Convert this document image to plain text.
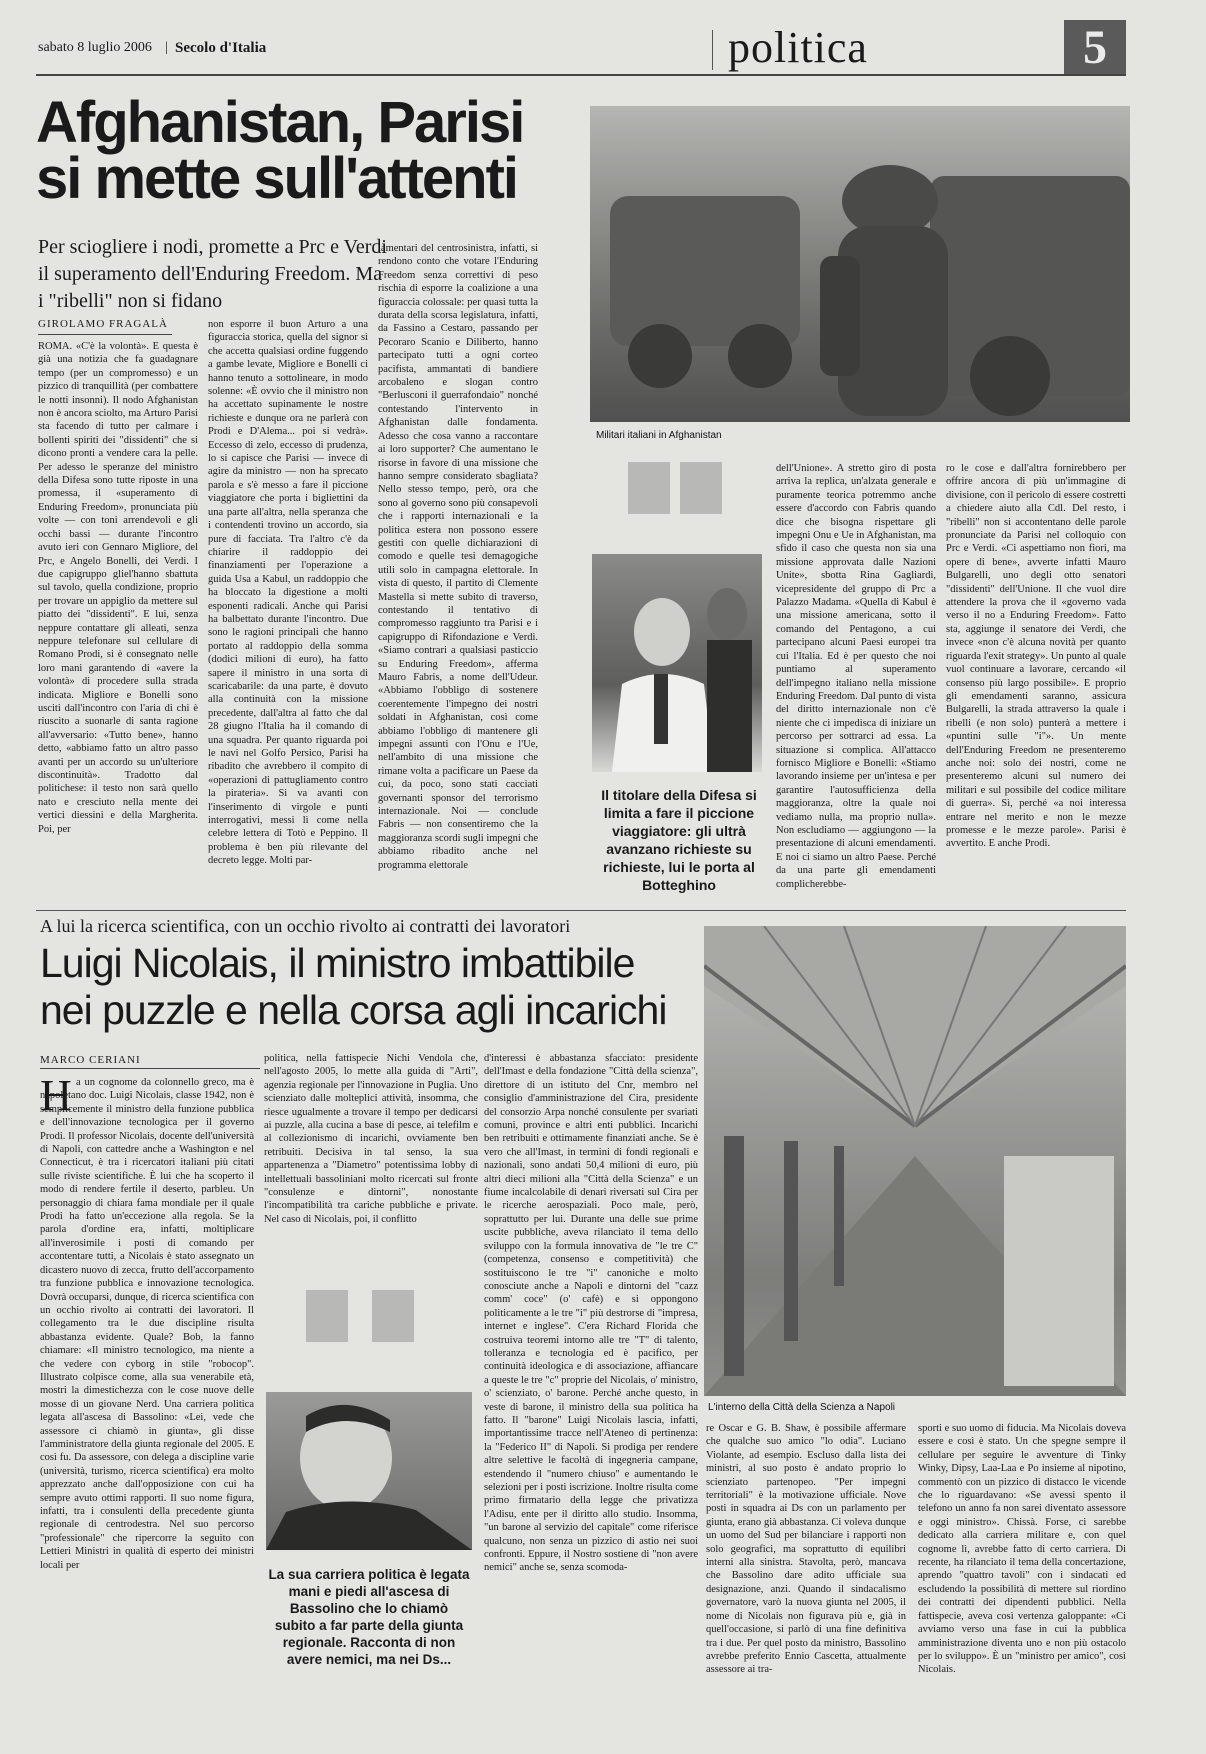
sabato 8 luglio 2006 | Secolo d'Italia	politica	5
Afghanistan, Parisi
si mette sull'attenti
Per sciogliere i nodi, promette a Prc e Verdi il superamento dell'Enduring Freedom. Ma i "ribelli" non si fidano
GIROLAMO FRAGALÀ
ROMA. «C'è la volontà». E questa è già una notizia che fa guadagnare tempo (per un compromesso) e un pizzico di tranquillità (per combattere le notti insonni). Il nodo Afghanistan non è ancora sciolto, ma Arturo Parisi sta facendo di tutto per calmare i bollenti spiriti dei "dissidenti" che si dicono pronti a vendere cara la pelle. Per adesso le speranze del ministro della Difesa sono tutte riposte in una promessa, il «superamento di Enduring Freedom», pronunciata più volte — con toni arrendevoli e gli occhi bassi — durante l'incontro avuto ieri con Gennaro Migliore, del Prc, e Angelo Bonelli, dei Verdi. I due capigruppo gliel'hanno sbattuta sul tavolo, quella condizione, proprio per trovare un appiglio da mettere sul piatto dei "dissidenti". E lui, senza neppure contattare gli alleati, senza neppure telefonare sul cellulare di Romano Prodi, si è consegnato nelle loro mani garantendo di «avere la volontà» di procedere sulla strada indicata. Migliore e Bonelli sono usciti dall'incontro con l'aria di chi è riuscito a suonarle di santa ragione all'avversario: «Tutto bene», hanno detto, «abbiamo fatto un altro passo avanti per un accordo su un'ulteriore discontinuità». Tradotto dal politichese: il testo non sarà quello nato e cresciuto nella mente dei vertici diessini e della Margherita. Poi, per
non esporre il buon Arturo a una figuraccia storica, quella del signor sì che accetta qualsiasi ordine fuggendo a gambe levate, Migliore e Bonelli ci hanno tenuto a sottolineare, in modo solenne: «È ovvio che il ministro non ha accettato supinamente le nostre richieste e dunque ora ne parlerà con Prodi e D'Alema... poi si vedrà». Eccesso di zelo, eccesso di prudenza, lo si capisce che Parisi — invece di agire da ministro — non ha sprecato parola e s'è messo a fare il piccione viaggiatore che porta i bigliettini da una parte all'altra, nella speranza che i contendenti trovino un accordo, sia pure di facciata. Tra l'altro c'è da chiarire il raddoppio dei finanziamenti per l'operazione a guida Usa a Kabul, un raddoppio che ha bloccato la digestione a molti esponenti radicali. Anche qui Parisi ha balbettato durante l'incontro. Due sono le ragioni principali che hanno portato al raddoppio della somma (dodici milioni di euro), ha fatto sapere il ministro in una sorta di scaricabarile: da una parte, è dovuto alla continuità con la missione precedente, dall'altra al fatto che dal 28 giugno l'Italia ha il comando di una squadra. Per quanto riguarda poi le navi nel Golfo Persico, Parisi ha ribadito che avrebbero il compito di «operazioni di pattugliamento contro la pirateria». Si va avanti con l'inserimento di virgole e punti interrogativi, messi lì come nella celebre lettera di Totò e Peppino. Il problema è ben più rilevante del decreto legge. Molti par-
lamentari del centrosinistra, infatti, si rendono conto che votare l'Enduring Freedom senza correttivi di peso rischia di esporre la coalizione a una figuraccia colossale: per quasi tutta la durata della scorsa legislatura, infatti, da Fassino a Cestaro, passando per Pecoraro Scanio e Diliberto, hanno partecipato tutti a ogni corteo pacifista, ammantati di bandiere arcobaleno e slogan contro "Berlusconi il guerrafondaio" nonché contestando l'intervento in Afghanistan dalle fondamenta. Adesso che cosa vanno a raccontare ai loro supporter? Che aumentano le risorse in favore di una missione che hanno sempre considerato sbagliata? Nello stesso tempo, però, ora che sono al governo sono più consapevoli che i rapporti internazionali e la politica estera non possono essere gestiti con quelle dichiarazioni di comodo e quelle tesi demagogiche utili solo in campagna elettorale. In vista di questo, il partito di Clemente Mastella si mette subito di traverso, contestando il tentativo di compromesso raggiunto tra Parisi e i capigruppo di Rifondazione e Verdi. «Siamo contrari a qualsiasi pasticcio su Enduring Freedom», afferma Mauro Fabris, a nome dell'Udeur. «Abbiamo l'obbligo di sostenere coerentemente l'impegno dei nostri soldati in Afghanistan, così come abbiamo l'obbligo di mantenere gli impegni assunti con l'Onu e l'Ue, nell'ambito di una missione che rimane volta a pacificare un Paese da cui, da poco, sono stati cacciati governanti sponsor del terrorismo internazionale. Noi — conclude Fabris — non consentiremo che la maggioranza scordi sugli impegni che abbiamo ribadito anche nel programma elettorale
Militari italiani in Afghanistan
Il titolare della Difesa si limita a fare il piccione viaggiatore: gli ultrà avanzano richieste su richieste, lui le porta al Botteghino
dell'Unione». A stretto giro di posta arriva la replica, un'alzata generale e puramente teorica potremmo anche essere d'accordo con Fabris quando dice che bisogna rispettare gli impegni Onu e Ue in Afghanistan, ma sfido il caso che questa non sia una missione approvata dalle Nazioni Unite», sbotta Rina Gagliardi, vicepresidente del gruppo di Prc a Palazzo Madama. «Quella di Kabul è una missione americana, sotto il comando del Pentagono, a cui partecipano alcuni Paesi europei tra cui l'Italia. Ed è per questo che noi puntiamo al superamento dell'impegno italiano nella missione Enduring Freedom. Dal punto di vista del diritto internazionale non c'è niente che ci impedisca di iniziare un percorso per sottrarci ad essa. La situazione si complica. All'attacco fornisco Migliore e Bonelli: «Stiamo lavorando insieme per un'intesa e per garantire l'autosufficienza della maggioranza, oltre la quale noi vediamo nulla, ma proprio nulla». Non escludiamo — aggiungono — la presentazione di alcuni emendamenti. E noi ci siamo un altro Paese. Perché da una parte gli emendamenti complicherebbe-
ro le cose e dall'altra fornirebbero per offrire ancora di più un'immagine di divisione, con il pericolo di essere costretti a chiedere aiuto alla Cdl. Del resto, i "ribelli" non si accontentano delle parole pronunciate da Parisi nel colloquio con Prc e Verdi. «Ci aspettiamo non fiori, ma opere di bene», avverte infatti Mauro Bulgarelli, uno degli otto senatori "dissidenti" dell'Unione. Il che vuol dire attendere la prova che il «governo vada verso il no a Enduring Freedom». Fatto sta, aggiunge il senatore dei Verdi, che invece «non c'è alcuna novità per quanto riguarda l'exit strategy». Un punto al quale vuol continuare a lavorare, cercando «il consenso più largo possibile». E proprio gli emendamenti saranno, assicura Bulgarelli, la strada attraverso la quale i ribelli (e non solo) punterà a mettere i «puntini sulle "i"». Un mente dell'Enduring Freedom ne presenteremo anche noi: solo dei nostri, come ne presenteremo alcuni sul numero dei militari e sul possibile del codice militare di guerra». Sì, perché «a noi interessa entrare nel merito e non le mezze promesse e le mezze parole». Parisi è avvertito. E anche Prodi.
A lui la ricerca scientifica, con un occhio rivolto ai contratti dei lavoratori
Luigi Nicolais, il ministro imbattibile
nei puzzle e nella corsa agli incarichi
MARCO CERIANI
H a un cognome da colonnello greco, ma è napoletano doc. Luigi Nicolais, classe 1942, non è semplicemente il ministro della funzione pubblica e dell'innovazione tecnologica per il governo Prodi. Il professor Nicolais, docente dell'università di Napoli, con cattedre anche a Washington e nel Connecticut, è tra i ricercatori italiani più citati sulle riviste scientifiche. È lui che ha scoperto il modo di rendere fertile il deserto, parbleu. Un personaggio di chiara fama mondiale per il quale Prodi ha fatto un'eccezione alla regola. Se la parola d'ordine era, infatti, moltiplicare all'inverosimile i posti di comando per accontentare tutti, a Nicolais è stato assegnato un dicastero nuovo di zecca, frutto dell'accorpamento tra funzione pubblica e innovazione tecnologica. Dovrà occuparsi, dunque, di ricerca scientifica con un occhio rivolto ai contratti dei lavoratori. Il collegamento tra le due discipline risulta abbastanza evidente. Quale? Bob, la fanno chiamare: «Il ministro tecnologico, ma niente a che vedere con cyborg in stile "robocop". Illustrato colpisce come, alla sua venerabile età, mostri la dimestichezza con le cose nuove delle mosse di un giovane Nerd. Una carriera politica legata all'ascesa di Bassolino: «Lei, vede che assessore ci chiamò in giunta», gli disse l'amministratore della giunta regionale del 2005. E così fu. Da assessore, con delega a discipline varie (università, turismo, ricerca scientifica) era molto apprezzato anche dall'opposizione con cui ha sempre avuto ottimi rapporti. Il suo nome figura, infatti, tra i consulenti della precedente giunta regionale di centrodestra. Nel suo percorso "professionale" che ripercorre la seguito con Lettieri Ministri in qualità di esperto dei ministri locali per
politica, nella fattispecie Nichi Vendola che, nell'agosto 2005, lo mette alla guida di "Arti", agenzia regionale per l'innovazione in Puglia. Uno scienziato dalle molteplici attività, insomma, che riesce ugualmente a trovare il tempo per dedicarsi ai puzzle, alla cucina a base di pesce, ai telefilm e al collezionismo di incarichi, ovviamente ben retribuiti. Decisiva in tal senso, la sua appartenenza a "Diametro" potentissima lobby di intellettuali bassoliniani molto ricercati sul fronte "consulenze e dintorni", nonostante l'incompatibilità tra cariche pubbliche e private. Nel caso di Nicolais, poi, il conflitto
La sua carriera politica è legata mani e piedi all'ascesa di Bassolino che lo chiamò subito a far parte della giunta regionale. Racconta di non avere nemici, ma nei Ds...
d'interessi è abbastanza sfacciato: presidente dell'Imast e della fondazione "Città della scienza", direttore di un istituto del Cnr, membro nel consiglio d'amministrazione del Cira, presidente del consorzio Arpa nonché consulente per svariati comuni, province e altri enti pubblici. Incarichi ben retribuiti e ottimamente finanziati anche. Se è vero che all'Imast, in termini di fondi regionali e nazionali, sono andati 50,4 milioni di euro, più altri dieci milioni alla "Città della Scienza" e un fiume incalcolabile di denari riversati sul Cira per le ricerche aerospaziali. Poco male, però, soprattutto per lui. Durante una delle sue prime uscite pubbliche, aveva rilanciato il tema dello sviluppo con la formula innovativa de "le tre C" (competenza, consenso e competitività) che sostituiscono le tre "i" canoniche e molto conosciute anche a Napoli e dintorni del "cazz comm' coce" (o' cafè) e si oppongono politicamente a le tre "i" più destrorse di "impresa, internet e inglese". C'era Richard Florida che costruiva teoremi intorno alle tre "T" di talento, tolleranza e tecnologia ed è pacifico, per continuità ideologica e di associazione, affiancare a queste le tre "c" proprie del Nicolais, o' ministro, o' scienziato, o' barone. Perché anche questo, in veste di barone, il ministro della sua politica ha fatto. Il "barone" Luigi Nicolais lascia, infatti, importantissime tracce nell'Ateneo di pertinenza: la "Federico II" di Napoli. Si prodiga per rendere altre selettive le facoltà di ingegneria campane, estendendo il "numero chiuso" e aumentando le selezioni per i posti iscrizione. Inoltre risulta come primo firmatario della legge che privatizza l'Adisu, ente per il diritto allo studio. Insomma, "un barone al servizio del capitale" come riferisce qualcuno, non senza un pizzico di astio nei suoi confronti. Eppure, il Nostro sostiene di "non avere nemici" anche se, senza scomoda-
L'interno della Città della Scienza a Napoli
re Oscar e G. B. Shaw, è possibile affermare che qualche suo amico "lo odia". Luciano Violante, ad esempio. Escluso dalla lista dei ministri, al suo posto è andato proprio lo scienziato partenopeo. "Per impegni territoriali" è la motivazione ufficiale. Nove posti in squadra ai Ds con un parlamento per giunta, erano già abbastanza. Ci voleva dunque un uomo del Sud per bilanciare i rapporti non solo geografici, ma soprattutto di equilibri interni alla sinistra. Stavolta, però, mancava che Bassolino dare adito ufficiale sua designazione, anzi. Quando il sindacalismo governatore, varò la nuova giunta nel 2005, il nome di Nicolais non figurava più e, già in quell'occasione, si parlò di una fine definitiva tra i due. Per quel posto da ministro, Bassolino avrebbe preferito Ennio Cascetta, attualmente assessore ai tra-
sporti e suo uomo di fiducia. Ma Nicolais doveva essere e così è stato. Un che spegne sempre il cellulare per seguire le avventure di Tinky Winky, Dipsy, Laa-Laa e Po insieme al nipotino, commentò con un pizzico di distacco le vicende che lo riguardavano: «Se avessi spento il telefono un anno fa non sarei diventato assessore e oggi ministro». Chissà. Forse, ci sarebbe dedicato alla carriera militare e, con quel cognome lì, avrebbe fatto di certo carriera. Di recente, ha rilanciato il tema della concertazione, aprendo "quattro tavoli" con i sindacati ed escludendo la possibilità di mettere sul riordino dei contratti dei dipendenti pubblici. Nella fattispecie, aveva così vertenza galoppante: «Ci avviamo verso una fase in cui la pubblica amministrazione diventa uno e non più ostacolo per lo sviluppo». È un "ministro per amico", così Nicolais.
